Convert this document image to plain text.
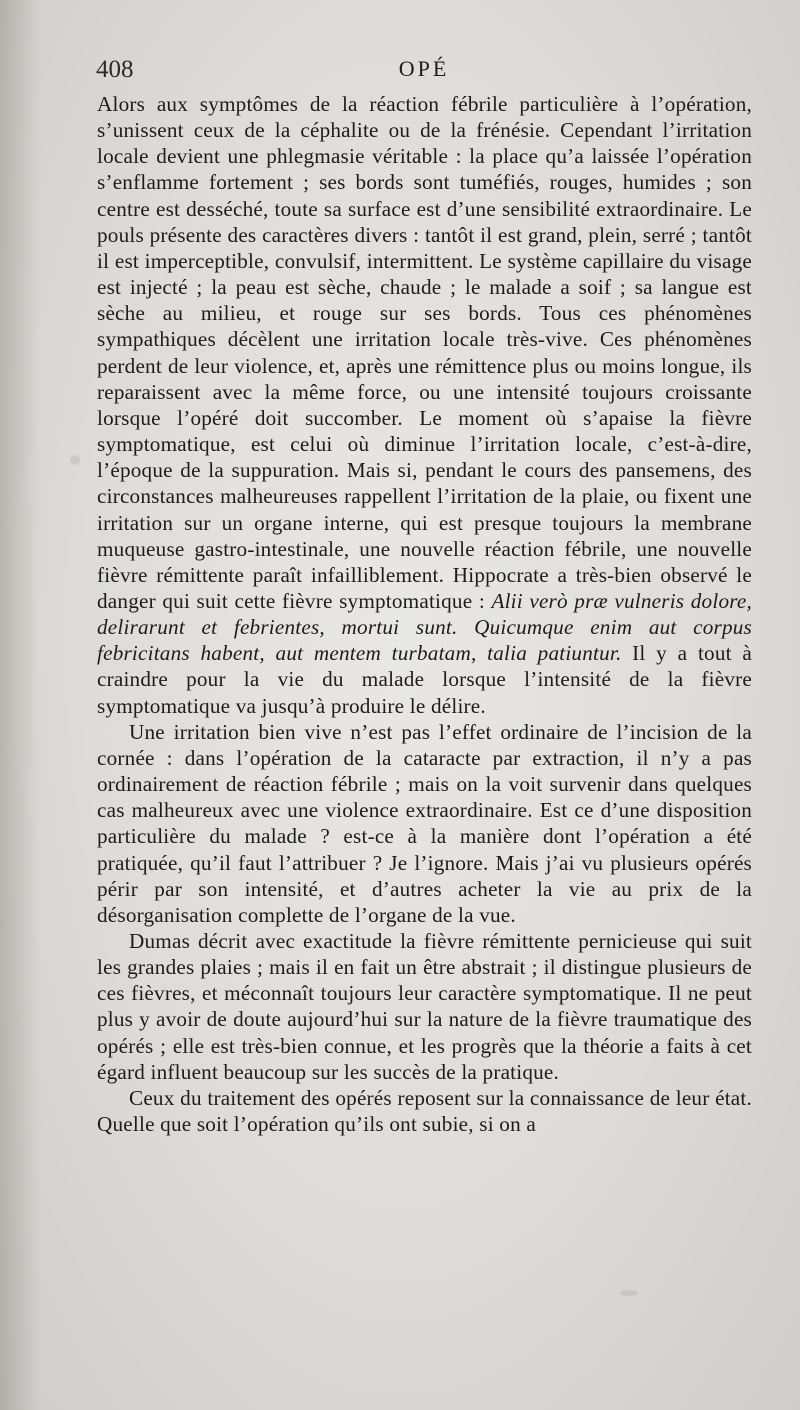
408	OPÉ

Alors aux symptômes de la réaction fébrile particulière à l’opération, s’unissent ceux de la céphalite ou de la frénésie. Cependant l’irritation locale devient une phlegmasie véritable : la place qu’a laissée l’opération s’enflamme fortement ; ses bords sont tuméfiés, rouges, humides ; son centre est desséché, toute sa surface est d’une sensibilité extraordinaire. Le pouls présente des caractères divers : tantôt il est grand, plein, serré ; tantôt il est imperceptible, convulsif, intermittent. Le système capillaire du visage est injecté ; la peau est sèche, chaude ; le malade a soif ; sa langue est sèche au milieu, et rouge sur ses bords. Tous ces phénomènes sympathiques décèlent une irritation locale très-vive. Ces phénomènes perdent de leur violence, et, après une rémittence plus ou moins longue, ils reparaissent avec la même force, ou une intensité toujours croissante lorsque l’opéré doit succomber. Le moment où s’apaise la fièvre symptomatique, est celui où diminue l’irritation locale, c’est-à-dire, l’époque de la suppuration. Mais si, pendant le cours des pansemens, des circonstances malheureuses rappellent l’irritation de la plaie, ou fixent une irritation sur un organe interne, qui est presque toujours la membrane muqueuse gastro-intestinale, une nouvelle réaction fébrile, une nouvelle fièvre rémittente paraît infailliblement. Hippocrate a très-bien observé le danger qui suit cette fièvre symptomatique : Alii verò præ vulneris dolore, delirarunt et febrientes, mortui sunt. Quicumque enim aut corpus febricitans habent, aut mentem turbatam, talia patiuntur. Il y a tout à craindre pour la vie du malade lorsque l’intensité de la fièvre symptomatique va jusqu’à produire le délire.

Une irritation bien vive n’est pas l’effet ordinaire de l’incision de la cornée : dans l’opération de la cataracte par extraction, il n’y a pas ordinairement de réaction fébrile ; mais on la voit survenir dans quelques cas malheureux avec une violence extraordinaire. Est ce d’une disposition particulière du malade ? est-ce à la manière dont l’opération a été pratiquée, qu’il faut l’attribuer ? Je l’ignore. Mais j’ai vu plusieurs opérés périr par son intensité, et d’autres acheter la vie au prix de la désorganisation complette de l’organe de la vue.

Dumas décrit avec exactitude la fièvre rémittente pernicieuse qui suit les grandes plaies ; mais il en fait un être abstrait ; il distingue plusieurs de ces fièvres, et méconnaît toujours leur caractère symptomatique. Il ne peut plus y avoir de doute aujourd’hui sur la nature de la fièvre traumatique des opérés ; elle est très-bien connue, et les progrès que la théorie a faits à cet égard influent beaucoup sur les succès de la pratique.

Ceux du traitement des opérés reposent sur la connaissance de leur état. Quelle que soit l’opération qu’ils ont subie, si on a
